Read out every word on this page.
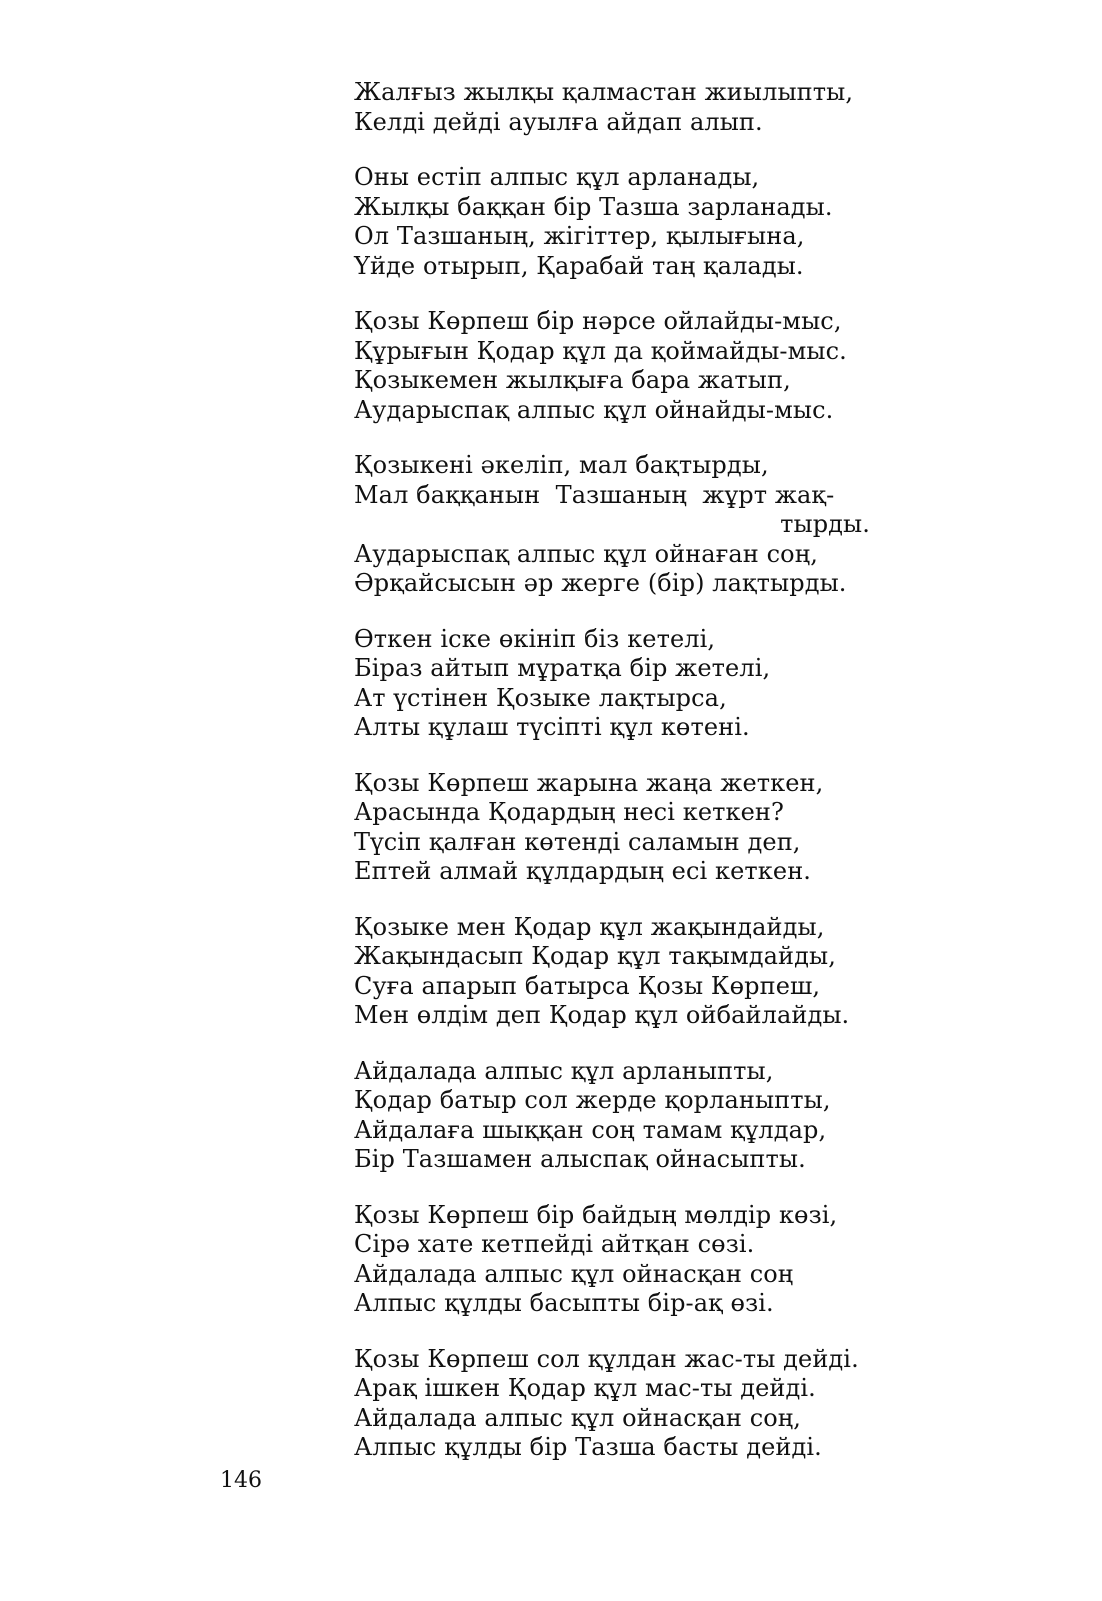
Жалғыз жылқы қалмастан жиылыпты,
Келді дейді ауылға айдап алып.
Оны естіп алпыс құл арланады,
Жылқы баққан бір Тазша зарланады.
Ол Тазшаның, жігіттер, қылығына,
Үйде отырып, Қарабай таң қалады.
Қозы Көрпеш бір нәрсе ойлайды-мыс,
Құрығын Қодар құл да қоймайды-мыс.
Қозыкемен жылқыға бара жатып,
Аударыспақ алпыс құл ойнайды-мыс.
Қозыкені әкеліп, мал бақтырды,
Мал баққанын  Тазшаның  жұрт жақ-
тырды.
Аударыспақ алпыс құл ойнаған соң,
Әрқайсысын әр жерге (бір) лақтырды.
Өткен іске өкініп біз кетелі,
Біраз айтып мұратқа бір жетелі,
Ат үстінен Қозыке лақтырса,
Алты құлаш түсіпті құл көтені.
Қозы Көрпеш жарына жаңа жеткен,
Арасында Қодардың несі кеткен?
Түсіп қалған көтенді саламын деп,
Ептей алмай құлдардың есі кеткен.
Қозыке мен Қодар құл жақындайды,
Жақындасып Қодар құл тақымдайды,
Суға апарып батырса Қозы Көрпеш,
Мен өлдім деп Қодар құл ойбайлайды.
Айдалада алпыс құл арланыпты,
Қодар батыр сол жерде қорланыпты,
Айдалаға шыққан соң тамам құлдар,
Бір Тазшамен алыспақ ойнасыпты.
Қозы Көрпеш бір байдың мөлдір көзі,
Сірә хате кетпейді айтқан сөзі.
Айдалада алпыс құл ойнасқан соң
Алпыс құлды басыпты бір-ақ өзі.
Қозы Көрпеш сол құлдан жас-ты дейді.
Арақ ішкен Қодар құл мас-ты дейді.
Айдалада алпыс құл ойнасқан соң,
Алпыс құлды бір Тазша басты дейді.
146
